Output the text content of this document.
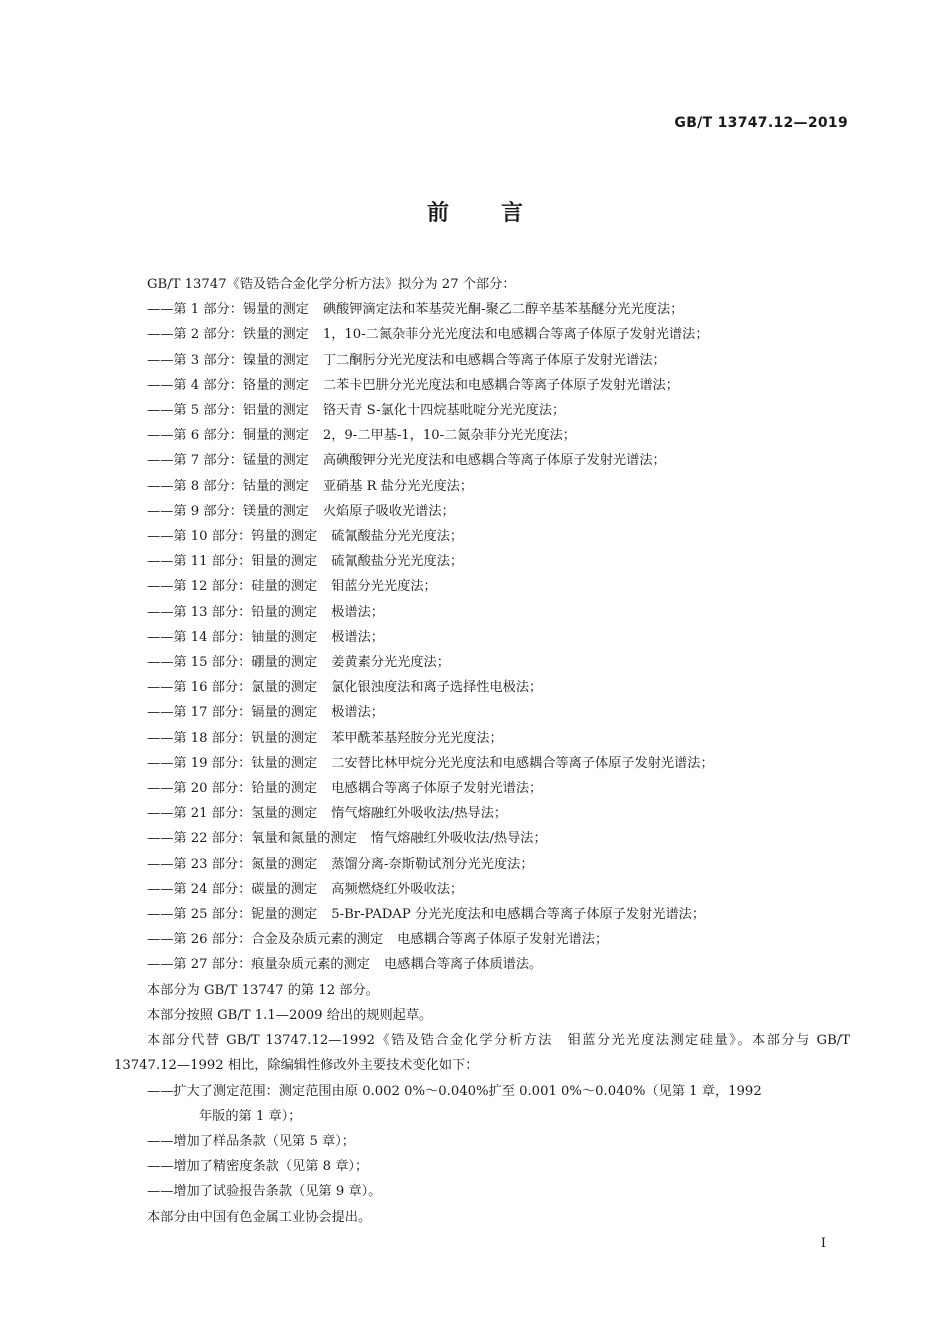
GB/T 13747.12—2019
前言
GB/T 13747《锆及锆合金化学分析方法》拟分为 27 个部分：
——第 1 部分：锡量的测定 碘酸钾滴定法和苯基荧光酮-聚乙二醇辛基苯基醚分光光度法；
——第 2 部分：铁量的测定 1，10-二氮杂菲分光光度法和电感耦合等离子体原子发射光谱法；
——第 3 部分：镍量的测定 丁二酮肟分光光度法和电感耦合等离子体原子发射光谱法；
——第 4 部分：铬量的测定 二苯卡巴肼分光光度法和电感耦合等离子体原子发射光谱法；
——第 5 部分：铝量的测定 铬天青 S-氯化十四烷基吡啶分光光度法；
——第 6 部分：铜量的测定 2，9-二甲基-1，10-二氮杂菲分光光度法；
——第 7 部分：锰量的测定 高碘酸钾分光光度法和电感耦合等离子体原子发射光谱法；
——第 8 部分：钴量的测定 亚硝基 R 盐分光光度法；
——第 9 部分：镁量的测定 火焰原子吸收光谱法；
——第 10 部分：钨量的测定 硫氰酸盐分光光度法；
——第 11 部分：钼量的测定 硫氰酸盐分光光度法；
——第 12 部分：硅量的测定 钼蓝分光光度法；
——第 13 部分：铅量的测定 极谱法；
——第 14 部分：铀量的测定 极谱法；
——第 15 部分：硼量的测定 姜黄素分光光度法；
——第 16 部分：氯量的测定 氯化银浊度法和离子选择性电极法；
——第 17 部分：镉量的测定 极谱法；
——第 18 部分：钒量的测定 苯甲酰苯基羟胺分光光度法；
——第 19 部分：钛量的测定 二安替比林甲烷分光光度法和电感耦合等离子体原子发射光谱法；
——第 20 部分：铪量的测定 电感耦合等离子体原子发射光谱法；
——第 21 部分：氢量的测定 惰气熔融红外吸收法/热导法；
——第 22 部分：氧量和氮量的测定 惰气熔融红外吸收法/热导法；
——第 23 部分：氮量的测定 蒸馏分离-奈斯勒试剂分光光度法；
——第 24 部分：碳量的测定 高频燃烧红外吸收法；
——第 25 部分：铌量的测定 5-Br-PADAP 分光光度法和电感耦合等离子体原子发射光谱法；
——第 26 部分：合金及杂质元素的测定 电感耦合等离子体原子发射光谱法；
——第 27 部分：痕量杂质元素的测定 电感耦合等离子体质谱法。
本部分为 GB/T 13747 的第 12 部分。
本部分按照 GB/T 1.1—2009 给出的规则起草。
本部分代替 GB/T 13747.12—1992《锆及锆合金化学分析方法　钼蓝分光光度法测定硅量》。本部分与 GB/T 13747.12—1992 相比，除编辑性修改外主要技术变化如下：
——扩大了测定范围：测定范围由原 0.002 0%～0.040%扩至 0.001 0%～0.040%（见第 1 章，1992
年版的第 1 章）；
——增加了样品条款（见第 5 章）；
——增加了精密度条款（见第 8 章）；
——增加了试验报告条款（见第 9 章）。
本部分由中国有色金属工业协会提出。
Ⅰ
